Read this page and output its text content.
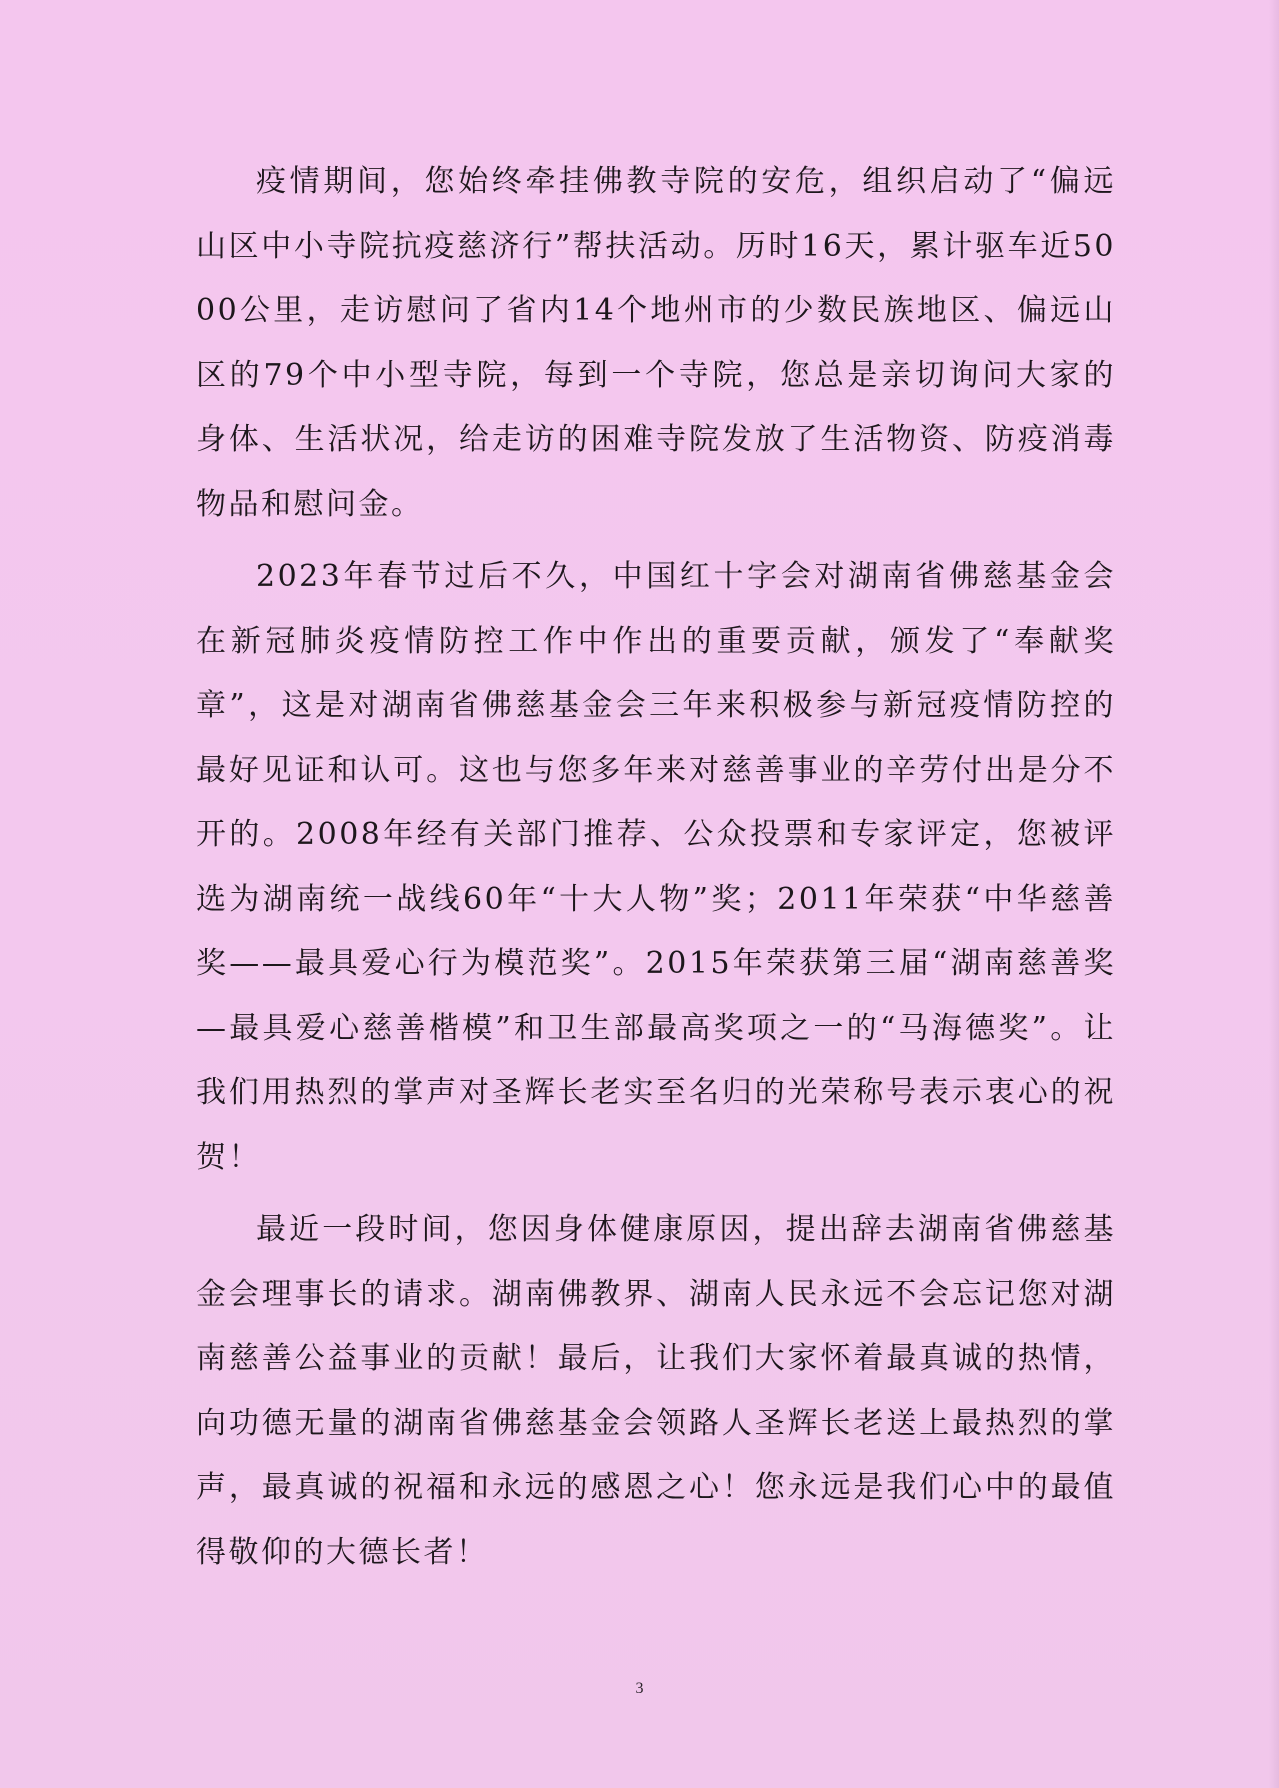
疫情期间，您始终牵挂佛教寺院的安危，组织启动了“偏远山区中小寺院抗疫慈济行”帮扶活动。历时16天，累计驱车近5000公里，走访慰问了省内14个地州市的少数民族地区、偏远山区的79个中小型寺院，每到一个寺院，您总是亲切询问大家的身体、生活状况，给走访的困难寺院发放了生活物资、防疫消毒物品和慰问金。

2023年春节过后不久，中国红十字会对湖南省佛慈基金会在新冠肺炎疫情防控工作中作出的重要贡献，颁发了“奉献奖章”，这是对湖南省佛慈基金会三年来积极参与新冠疫情防控的最好见证和认可。这也与您多年来对慈善事业的辛劳付出是分不开的。2008年经有关部门推荐、公众投票和专家评定，您被评选为湖南统一战线60年“十大人物”奖；2011年荣获“中华慈善奖——最具爱心行为模范奖”。2015年荣获第三届“湖南慈善奖—最具爱心慈善楷模”和卫生部最高奖项之一的“马海德奖”。让我们用热烈的掌声对圣辉长老实至名归的光荣称号表示衷心的祝贺！

最近一段时间，您因身体健康原因，提出辞去湖南省佛慈基金会理事长的请求。湖南佛教界、湖南人民永远不会忘记您对湖南慈善公益事业的贡献！最后，让我们大家怀着最真诚的热情，向功德无量的湖南省佛慈基金会领路人圣辉长老送上最热烈的掌声，最真诚的祝福和永远的感恩之心！您永远是我们心中的最值得敬仰的大德长者！

3
